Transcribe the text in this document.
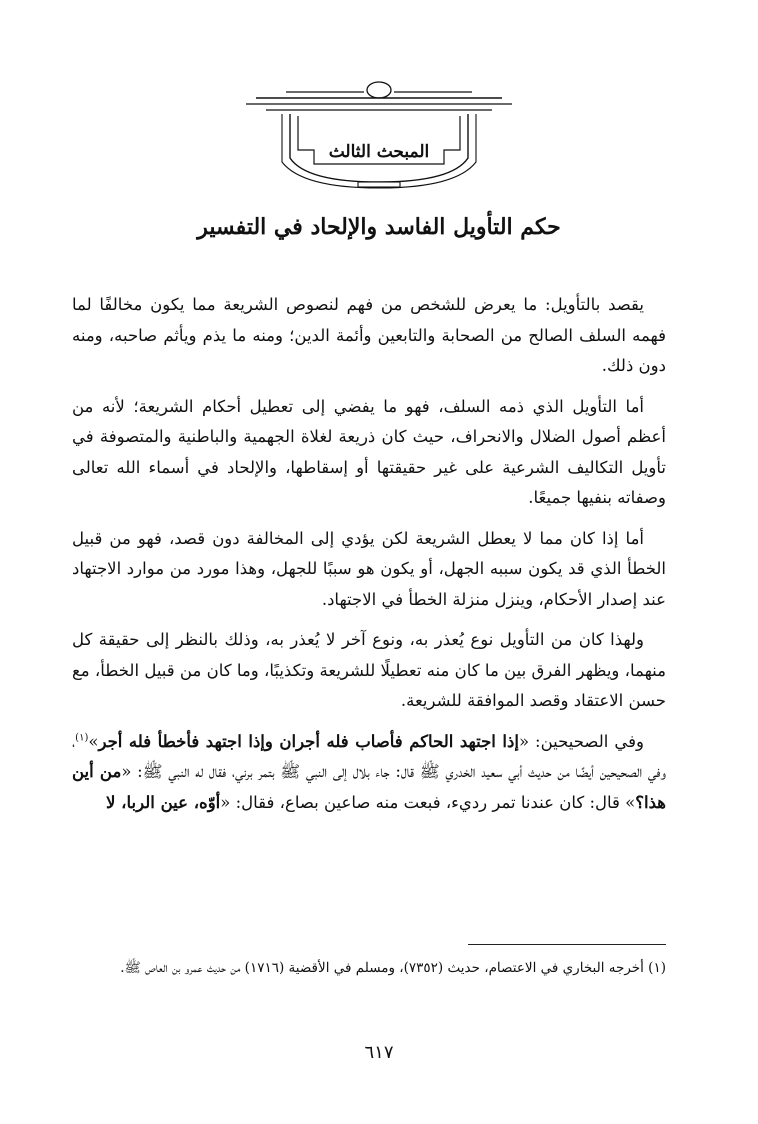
المبحث الثالث
حكم التأويل الفاسد والإلحاد في التفسير

يقصد بالتأويل: ما يعرض للشخص من فهم لنصوص الشريعة مما يكون مخالفًا لما فهمه السلف الصالح من الصحابة والتابعين وأئمة الدين؛ ومنه ما يذم ويأثم صاحبه، ومنه دون ذلك.

أما التأويل الذي ذمه السلف، فهو ما يفضي إلى تعطيل أحكام الشريعة؛ لأنه من أعظم أصول الضلال والانحراف، حيث كان ذريعة لغلاة الجهمية والباطنية والمتصوفة في تأويل التكاليف الشرعية على غير حقيقتها أو إسقاطها، والإلحاد في أسماء الله تعالى وصفاته بنفيها جميعًا.

أما إذا كان مما لا يعطل الشريعة لكن يؤدي إلى المخالفة دون قصد، فهو من قبيل الخطأ الذي قد يكون سببه الجهل، أو يكون هو سببًا للجهل، وهذا مورد من موارد الاجتهاد عند إصدار الأحكام، وينزل منزلة الخطأ في الاجتهاد.

ولهذا كان من التأويل نوع يُعذر به، ونوع آخر لا يُعذر به، وذلك بالنظر إلى حقيقة كل منهما، ويظهر الفرق بين ما كان منه تعطيلًا للشريعة وتكذيبًا، وما كان من قبيل الخطأ، مع حسن الاعتقاد وقصد الموافقة للشريعة.

وفي الصحيحين: «إذا اجتهد الحاكم فأصاب فله أجران وإذا اجتهد فأخطأ فله أجر»$^{(١)}$، وفي الصحيحين أيضًا من حديث أبي سعيد الخدري ﷺ قال: جاء بلال إلى النبي ﷺ بتمر برني، فقال له النبي ﷺ: «من أين هذا؟» قال: كان عندنا تمر رديء، فبعت منه صاعين بصاع، فقال: «أوّه، عين الربا، لا

(١) أخرجه البخاري في الاعتصام، حديث (٧٣٥٢)، ومسلم في الأقضية (١٧١٦) من حديث عمرو بن العاص ﷺ.
٦١٧
